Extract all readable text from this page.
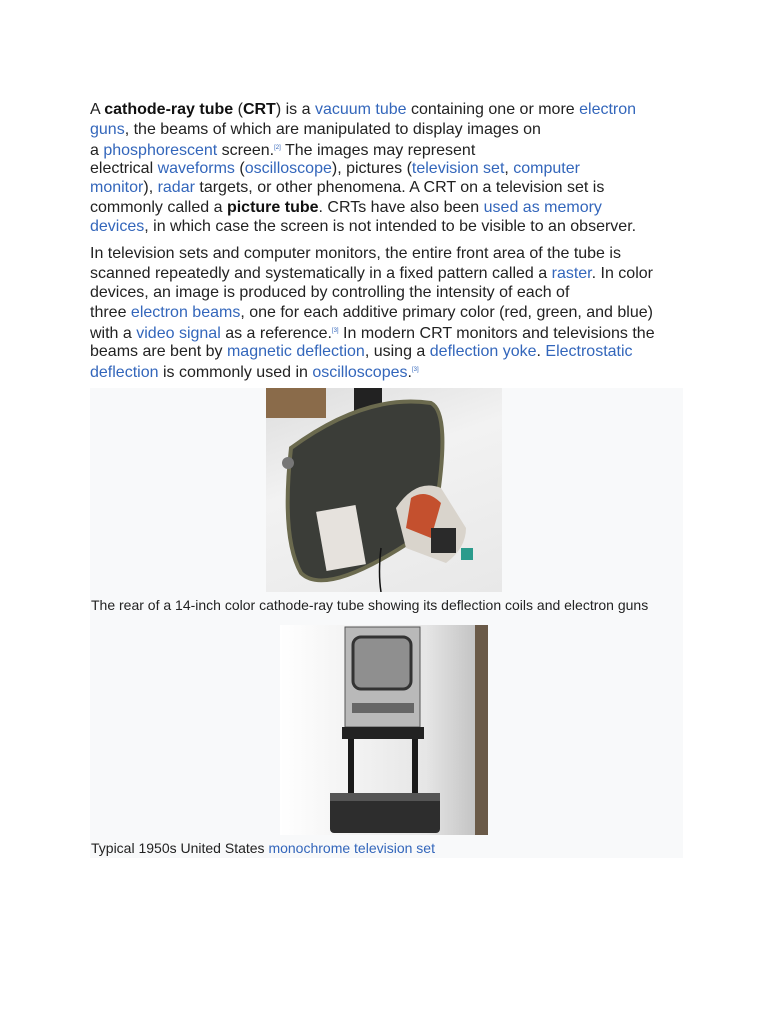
A cathode-ray tube (CRT) is a vacuum tube containing one or more electron
guns, the beams of which are manipulated to display images on
a phosphorescent screen.[2] The images may represent
electrical waveforms (oscilloscope), pictures (television set, computer
monitor), radar targets, or other phenomena. A CRT on a television set is
commonly called a picture tube. CRTs have also been used as memory
devices, in which case the screen is not intended to be visible to an observer.
In television sets and computer monitors, the entire front area of the tube is
scanned repeatedly and systematically in a fixed pattern called a raster. In color
devices, an image is produced by controlling the intensity of each of
three electron beams, one for each additive primary color (red, green, and blue)
with a video signal as a reference.[3] In modern CRT monitors and televisions the
beams are bent by magnetic deflection, using a deflection yoke. Electrostatic
deflection is commonly used in oscilloscopes.[3]
The rear of a 14-inch color cathode-ray tube showing its deflection coils and electron guns
Typical 1950s United States monochrome television set
